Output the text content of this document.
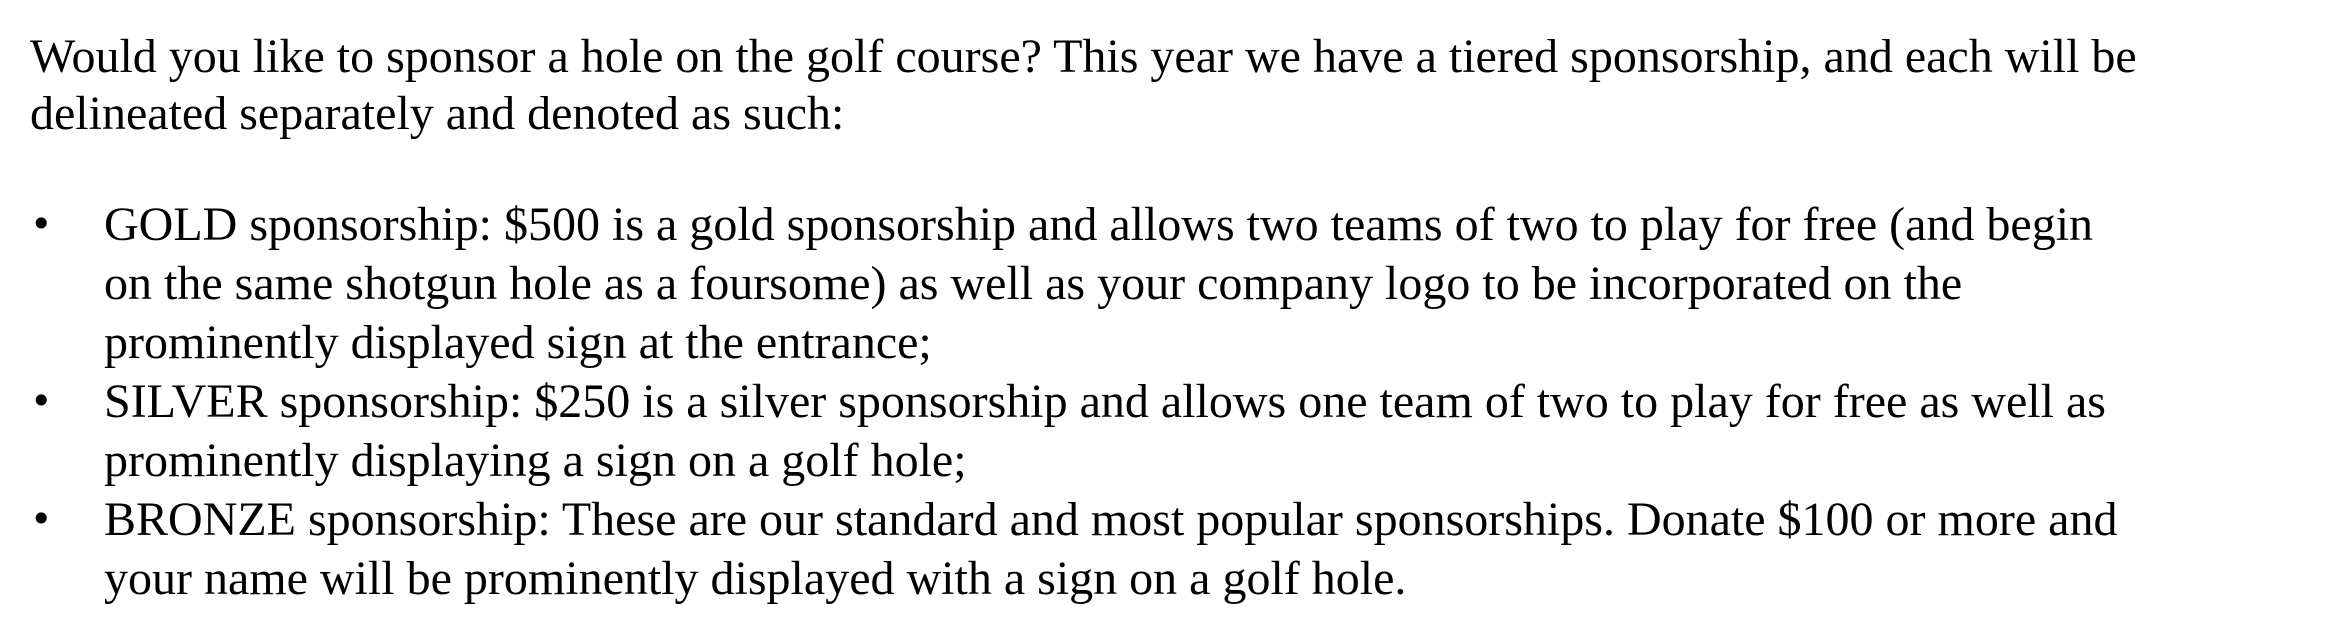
Would you like to sponsor a hole on the golf course? This year we have a tiered sponsorship, and each will be
delineated separately and denoted as such:

•	GOLD sponsorship: $500 is a gold sponsorship and allows two teams of two to play for free (and begin
on the same shotgun hole as a foursome) as well as your company logo to be incorporated on the
prominently displayed sign at the entrance;
•	SILVER sponsorship: $250 is a silver sponsorship and allows one team of two to play for free as well as
prominently displaying a sign on a golf hole;
•	BRONZE sponsorship: These are our standard and most popular sponsorships. Donate $100 or more and
your name will be prominently displayed with a sign on a golf hole.
